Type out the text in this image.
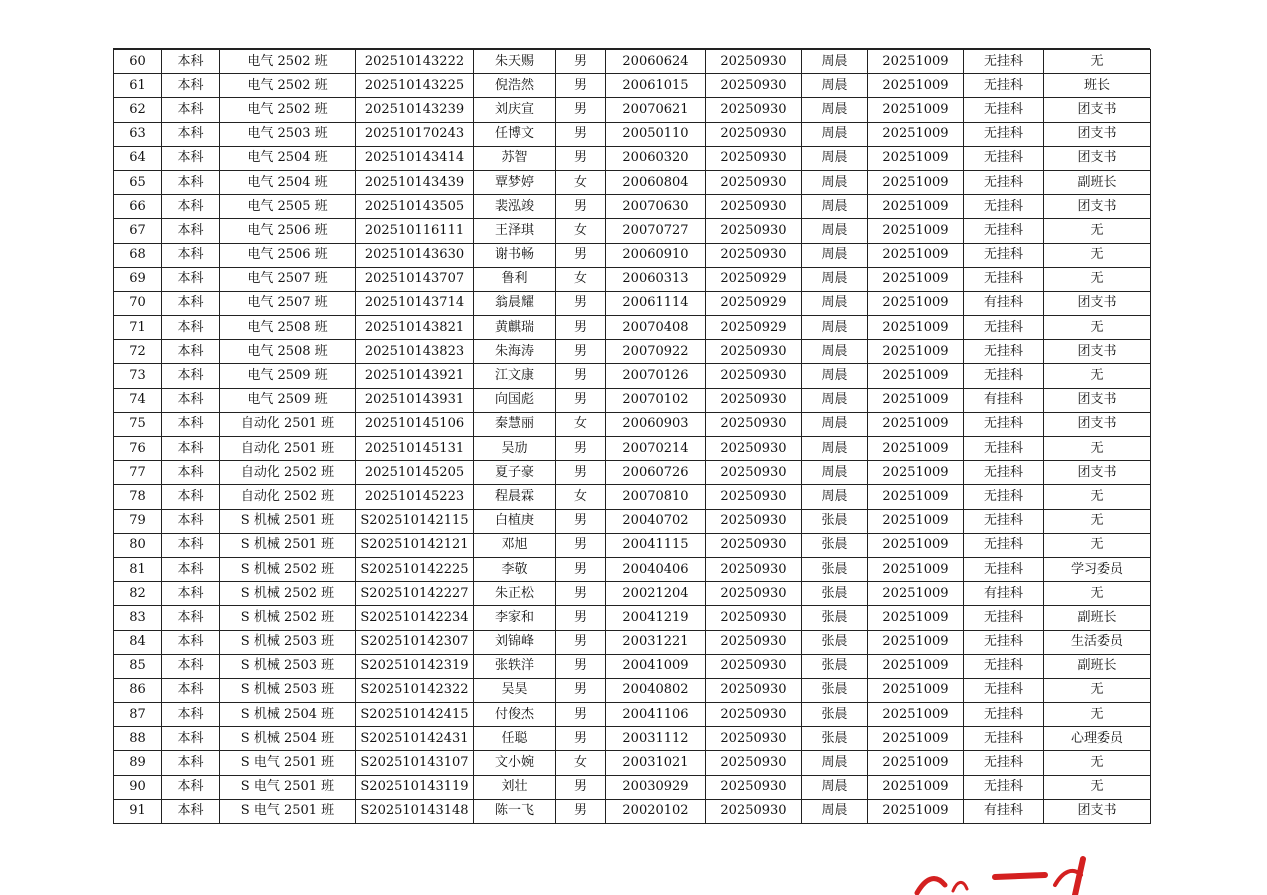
60	本科	电气 2502 班	202510143222	朱天赐	男	20060624	20250930	周晨	20251009	无挂科	无
61	本科	电气 2502 班	202510143225	倪浩然	男	20061015	20250930	周晨	20251009	无挂科	班长
62	本科	电气 2502 班	202510143239	刘庆宣	男	20070621	20250930	周晨	20251009	无挂科	团支书
63	本科	电气 2503 班	202510170243	任博文	男	20050110	20250930	周晨	20251009	无挂科	团支书
64	本科	电气 2504 班	202510143414	苏智	男	20060320	20250930	周晨	20251009	无挂科	团支书
65	本科	电气 2504 班	202510143439	覃梦婷	女	20060804	20250930	周晨	20251009	无挂科	副班长
66	本科	电气 2505 班	202510143505	裴泓竣	男	20070630	20250930	周晨	20251009	无挂科	团支书
67	本科	电气 2506 班	202510116111	王泽琪	女	20070727	20250930	周晨	20251009	无挂科	无
68	本科	电气 2506 班	202510143630	谢书畅	男	20060910	20250930	周晨	20251009	无挂科	无
69	本科	电气 2507 班	202510143707	鲁利	女	20060313	20250929	周晨	20251009	无挂科	无
70	本科	电气 2507 班	202510143714	翁晨耀	男	20061114	20250929	周晨	20251009	有挂科	团支书
71	本科	电气 2508 班	202510143821	黄麒瑞	男	20070408	20250929	周晨	20251009	无挂科	无
72	本科	电气 2508 班	202510143823	朱海涛	男	20070922	20250930	周晨	20251009	无挂科	团支书
73	本科	电气 2509 班	202510143921	江文康	男	20070126	20250930	周晨	20251009	无挂科	无
74	本科	电气 2509 班	202510143931	向国彪	男	20070102	20250930	周晨	20251009	有挂科	团支书
75	本科	自动化 2501 班	202510145106	秦慧丽	女	20060903	20250930	周晨	20251009	无挂科	团支书
76	本科	自动化 2501 班	202510145131	吴劢	男	20070214	20250930	周晨	20251009	无挂科	无
77	本科	自动化 2502 班	202510145205	夏子豪	男	20060726	20250930	周晨	20251009	无挂科	团支书
78	本科	自动化 2502 班	202510145223	程晨霖	女	20070810	20250930	周晨	20251009	无挂科	无
79	本科	S 机械 2501 班	S202510142115	白植庚	男	20040702	20250930	张晨	20251009	无挂科	无
80	本科	S 机械 2501 班	S202510142121	邓旭	男	20041115	20250930	张晨	20251009	无挂科	无
81	本科	S 机械 2502 班	S202510142225	李敬	男	20040406	20250930	张晨	20251009	无挂科	学习委员
82	本科	S 机械 2502 班	S202510142227	朱正松	男	20021204	20250930	张晨	20251009	有挂科	无
83	本科	S 机械 2502 班	S202510142234	李家和	男	20041219	20250930	张晨	20251009	无挂科	副班长
84	本科	S 机械 2503 班	S202510142307	刘锦峰	男	20031221	20250930	张晨	20251009	无挂科	生活委员
85	本科	S 机械 2503 班	S202510142319	张轶洋	男	20041009	20250930	张晨	20251009	无挂科	副班长
86	本科	S 机械 2503 班	S202510142322	吴昊	男	20040802	20250930	张晨	20251009	无挂科	无
87	本科	S 机械 2504 班	S202510142415	付俊杰	男	20041106	20250930	张晨	20251009	无挂科	无
88	本科	S 机械 2504 班	S202510142431	任聪	男	20031112	20250930	张晨	20251009	无挂科	心理委员
89	本科	S 电气 2501 班	S202510143107	文小婉	女	20031021	20250930	周晨	20251009	无挂科	无
90	本科	S 电气 2501 班	S202510143119	刘壮	男	20030929	20250930	周晨	20251009	无挂科	无
91	本科	S 电气 2501 班	S202510143148	陈一飞	男	20020102	20250930	周晨	20251009	有挂科	团支书
